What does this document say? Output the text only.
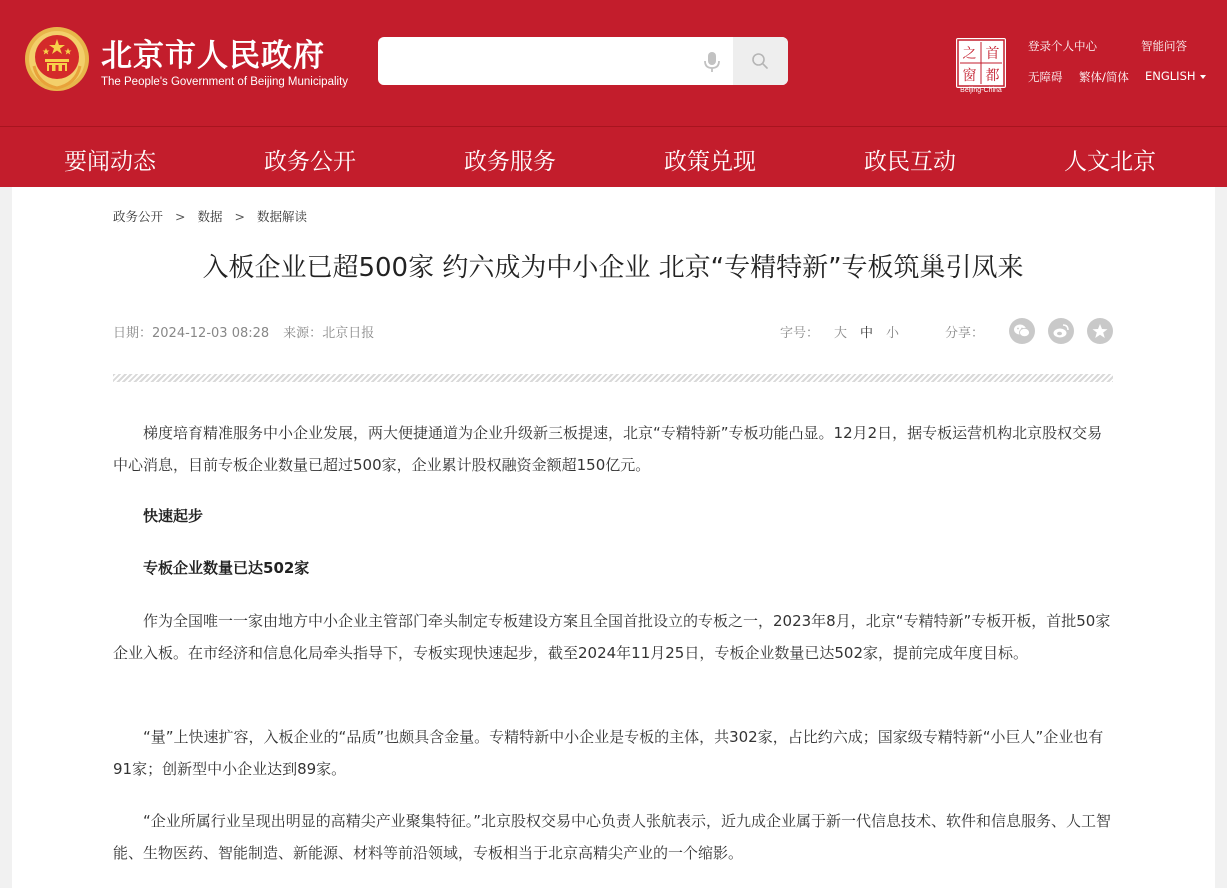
北京市人民政府
The People's Government of Beijing Municipality
之 首
窗 都
Beijing-China
登录个人中心	智能问答
无障碍 繁体/简体 ENGLISH
要闻动态	政务公开	政务服务	政策兑现	政民互动	人文北京
政务公开 > 数据 > 数据解读
入板企业已超500家 约六成为中小企业 北京“专精特新”专板筑巢引凤来
日期：2024-12-03 08:28 来源：北京日报	字号： 大 中 小	分享：

梯度培育精准服务中小企业发展，两大便捷通道为企业升级新三板提速，北京“专精特新”专板功能凸显。12月2日，据专板运营机构北京股权交易中心消息，目前专板企业数量已超过500家，企业累计股权融资金额超150亿元。

快速起步

专板企业数量已达502家

作为全国唯一一家由地方中小企业主管部门牵头制定专板建设方案且全国首批设立的专板之一，2023年8月，北京“专精特新”专板开板，首批50家企业入板。在市经济和信息化局牵头指导下，专板实现快速起步，截至2024年11月25日，专板企业数量已达502家，提前完成年度目标。

“量”上快速扩容，入板企业的“品质”也颇具含金量。专精特新中小企业是专板的主体，共302家，占比约六成；国家级专精特新“小巨人”企业也有91家；创新型中小企业达到89家。

“企业所属行业呈现出明显的高精尖产业聚集特征。”北京股权交易中心负责人张航表示，近九成企业属于新一代信息技术、软件和信息服务、人工智能、生物医药、智能制造、新能源、材料等前沿领域，专板相当于北京高精尖产业的一个缩影。
